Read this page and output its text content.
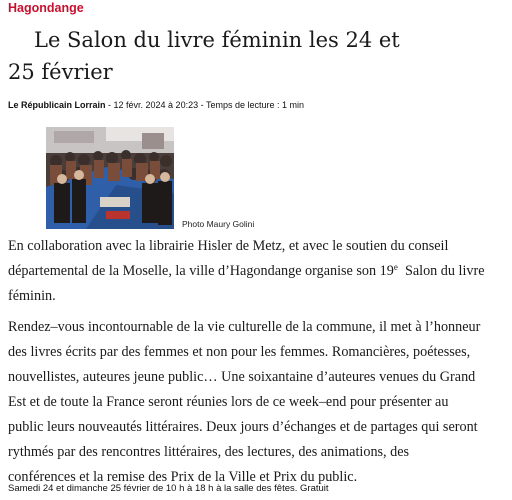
Hagondange
Le Salon du livre féminin les 24 et
25 février
Le Républicain Lorrain - 12 févr. 2024 à 20:23 - Temps de lecture : 1 min
Photo Maury Golini
En collaboration avec la librairie Hisler de Metz, et avec le soutien du conseil
départemental de la Moselle, la ville d’Hagondange organise son 19e  Salon du livre
féminin.
Rendez–vous incontournable de la vie culturelle de la commune, il met à l’honneur
des livres écrits par des femmes et non pour les femmes. Romancières, poétesses,
nouvellistes, auteures jeune public… Une soixantaine d’auteures venues du Grand
Est et de toute la France seront réunies lors de ce week–end pour présenter au
public leurs nouveautés littéraires. Deux jours d’échanges et de partages qui seront
rythmés par des rencontres littéraires, des lectures, des animations, des
conférences et la remise des Prix de la Ville et Prix du public.
Samedi 24 et dimanche 25 février de 10 h à 18 h à la salle des fêtes. Gratuit
